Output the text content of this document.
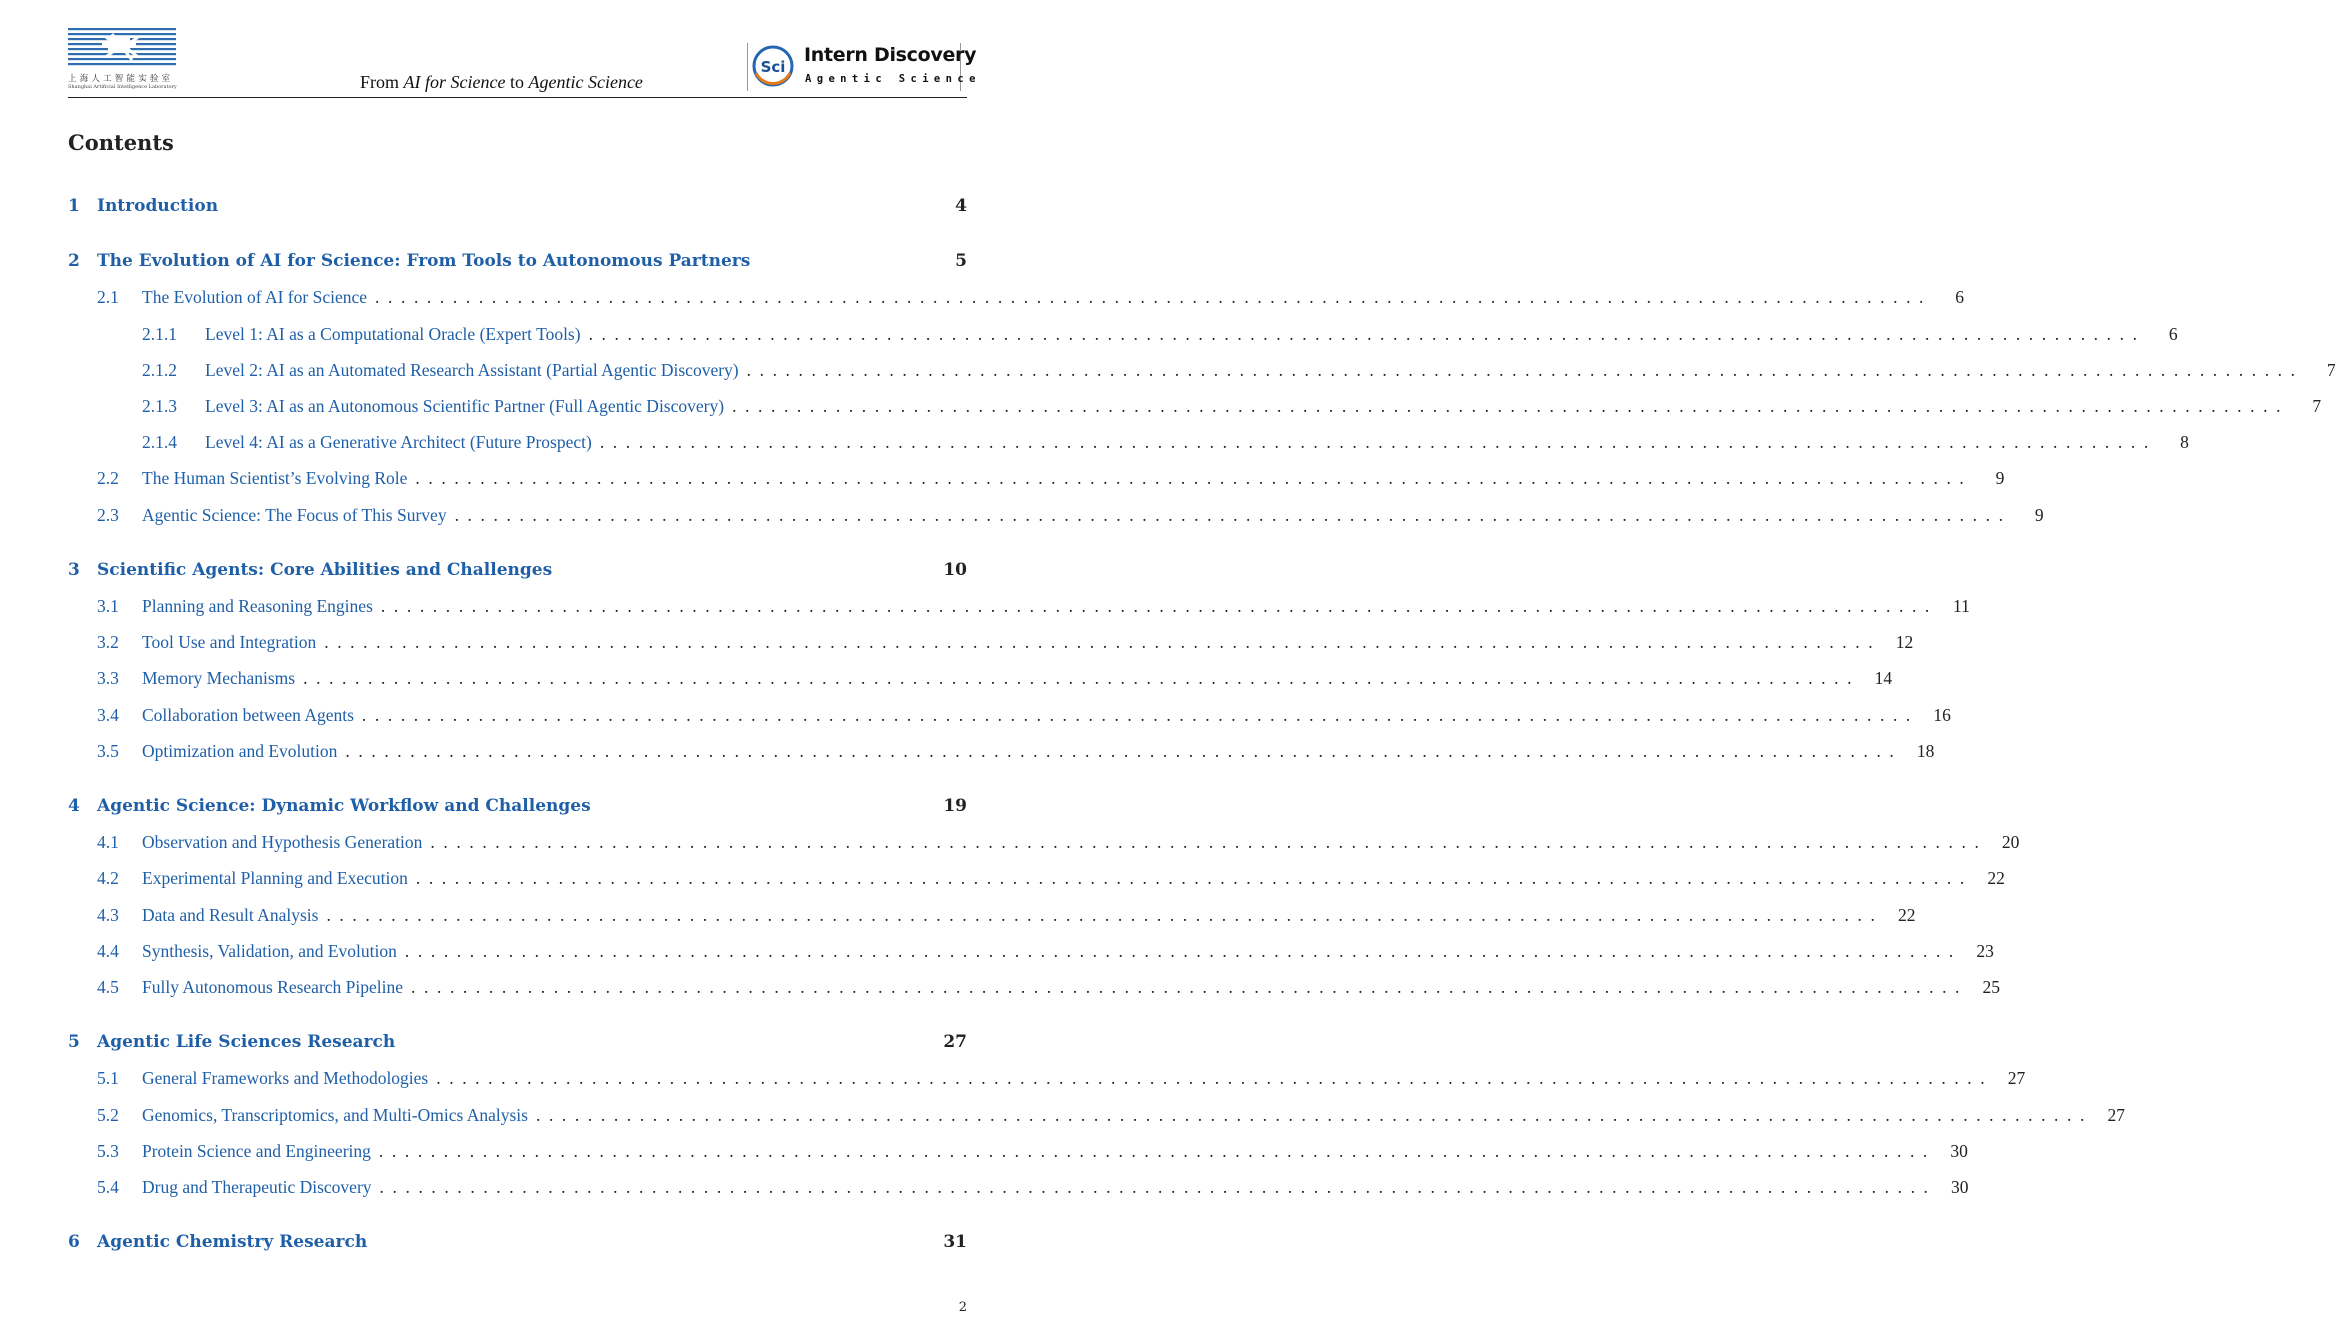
上海人工智能实验室
Shanghai Artificial Intelligence Laboratory	From AI for Science to Agentic Science
Sci
Intern Discovery
Agentic Science
Contents
1	Introduction	4
2	The Evolution of AI for Science: From Tools to Autonomous Partners	5
2.1	The Evolution of AI for Science ........................................................................................................................	6
2.1.1	Level 1: AI as a Computational Oracle (Expert Tools) ........................................................................................................................	6
2.1.2	Level 2: AI as an Automated Research Assistant (Partial Agentic Discovery) ........................................................................................................................	7
2.1.3	Level 3: AI as an Autonomous Scientific Partner (Full Agentic Discovery) ........................................................................................................................	7
2.1.4	Level 4: AI as a Generative Architect (Future Prospect) ........................................................................................................................	8
2.2	The Human Scientist’s Evolving Role ........................................................................................................................	9
2.3	Agentic Science: The Focus of This Survey ........................................................................................................................	9
3	Scientific Agents: Core Abilities and Challenges	10
3.1	Planning and Reasoning Engines ........................................................................................................................ 11
3.2	Tool Use and Integration ........................................................................................................................ 12
3.3	Memory Mechanisms ........................................................................................................................ 14
3.4	Collaboration between Agents ........................................................................................................................ 16
3.5	Optimization and Evolution ........................................................................................................................ 18
4	Agentic Science: Dynamic Workflow and Challenges	19
4.1	Observation and Hypothesis Generation ........................................................................................................................ 20
4.2	Experimental Planning and Execution ........................................................................................................................ 22
4.3	Data and Result Analysis ........................................................................................................................ 22
4.4	Synthesis, Validation, and Evolution ........................................................................................................................ 23
4.5	Fully Autonomous Research Pipeline ........................................................................................................................ 25
5	Agentic Life Sciences Research	27
5.1	General Frameworks and Methodologies ........................................................................................................................ 27
5.2	Genomics, Transcriptomics, and Multi-Omics Analysis ........................................................................................................................ 27
5.3	Protein Science and Engineering ........................................................................................................................ 30
5.4	Drug and Therapeutic Discovery ........................................................................................................................ 30
6	Agentic Chemistry Research	31
2
